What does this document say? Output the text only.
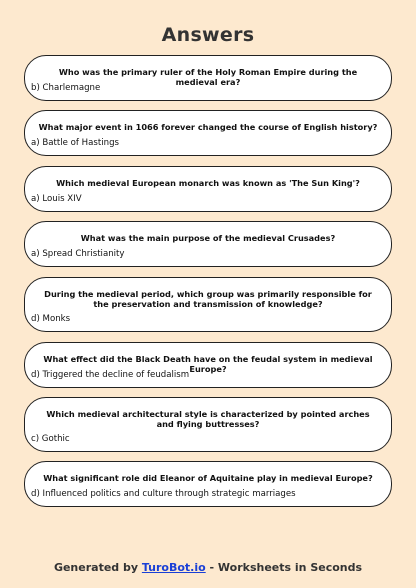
Answers
Who was the primary ruler of the Holy Roman Empire during the medieval era?
b) Charlemagne
What major event in 1066 forever changed the course of English history?
a) Battle of Hastings
Which medieval European monarch was known as 'The Sun King'?
a) Louis XIV
What was the main purpose of the medieval Crusades?
a) Spread Christianity
During the medieval period, which group was primarily responsible for the preservation and transmission of knowledge?
d) Monks
What effect did the Black Death have on the feudal system in medieval Europe?
d) Triggered the decline of feudalism
Which medieval architectural style is characterized by pointed arches and flying buttresses?
c) Gothic
What significant role did Eleanor of Aquitaine play in medieval Europe?
d) Influenced politics and culture through strategic marriages
Generated by TuroBot.io - Worksheets in Seconds
